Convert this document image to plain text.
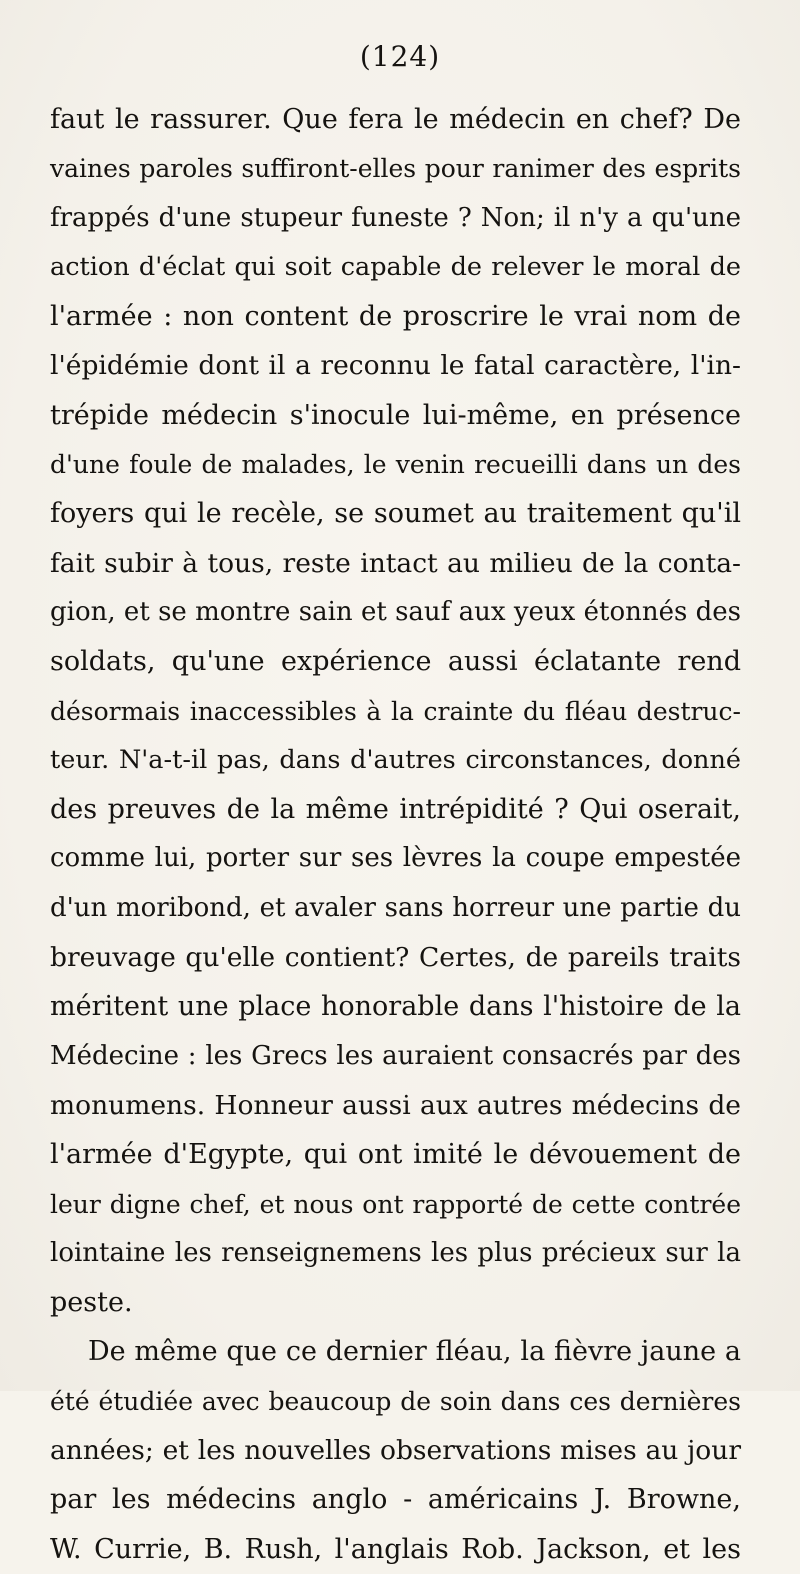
(124)
faut le rassurer. Que fera le médecin en chef? De
vaines paroles suffiront-elles pour ranimer des esprits
frappés d'une stupeur funeste ? Non; il n'y a qu'une
action d'éclat qui soit capable de relever le moral de
l'armée : non content de proscrire le vrai nom de
l'épidémie dont il a reconnu le fatal caractère, l'in-
trépide médecin s'inocule lui-même, en présence
d'une foule de malades, le venin recueilli dans un des
foyers qui le recèle, se soumet au traitement qu'il
fait subir à tous, reste intact au milieu de la conta-
gion, et se montre sain et sauf aux yeux étonnés des
soldats, qu'une expérience aussi éclatante rend
désormais inaccessibles à la crainte du fléau destruc-
teur. N'a-t-il pas, dans d'autres circonstances, donné
des preuves de la même intrépidité ? Qui oserait,
comme lui, porter sur ses lèvres la coupe empestée
d'un moribond, et avaler sans horreur une partie du
breuvage qu'elle contient? Certes, de pareils traits
méritent une place honorable dans l'histoire de la
Médecine : les Grecs les auraient consacrés par des
monumens. Honneur aussi aux autres médecins de
l'armée d'Egypte, qui ont imité le dévouement de
leur digne chef, et nous ont rapporté de cette contrée
lointaine les renseignemens les plus précieux sur la
peste.
De même que ce dernier fléau, la fièvre jaune a
été étudiée avec beaucoup de soin dans ces dernières
années; et les nouvelles observations mises au jour
par les médecins anglo - américains J. Browne,
W. Currie, B. Rush, l'anglais Rob. Jackson, et les
